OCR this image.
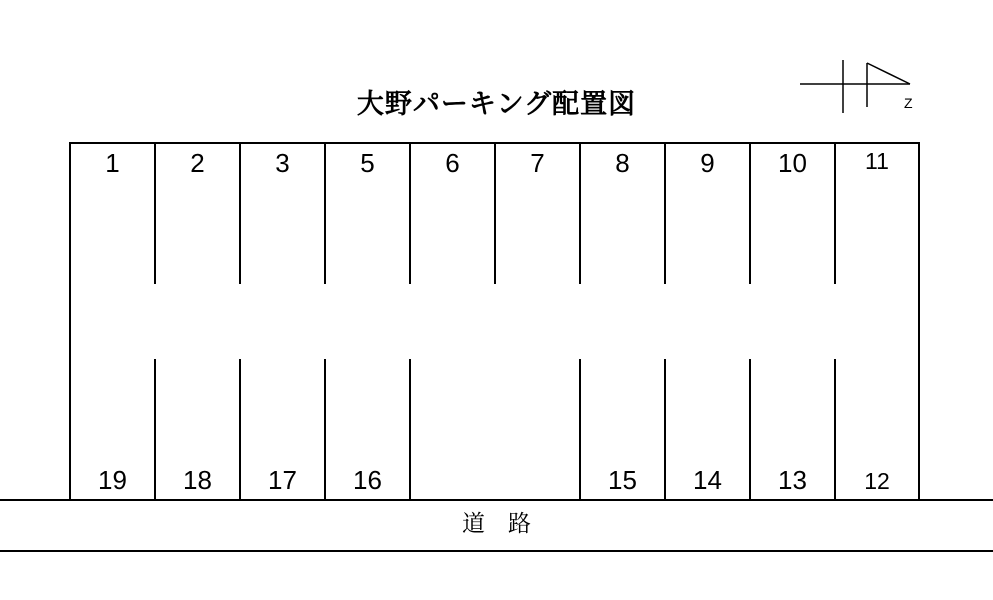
大野パーキング配置図	Z
1	2	3	5	6	7	8	9 10	11
19 18 17 16	15 14 13 12
道　路
